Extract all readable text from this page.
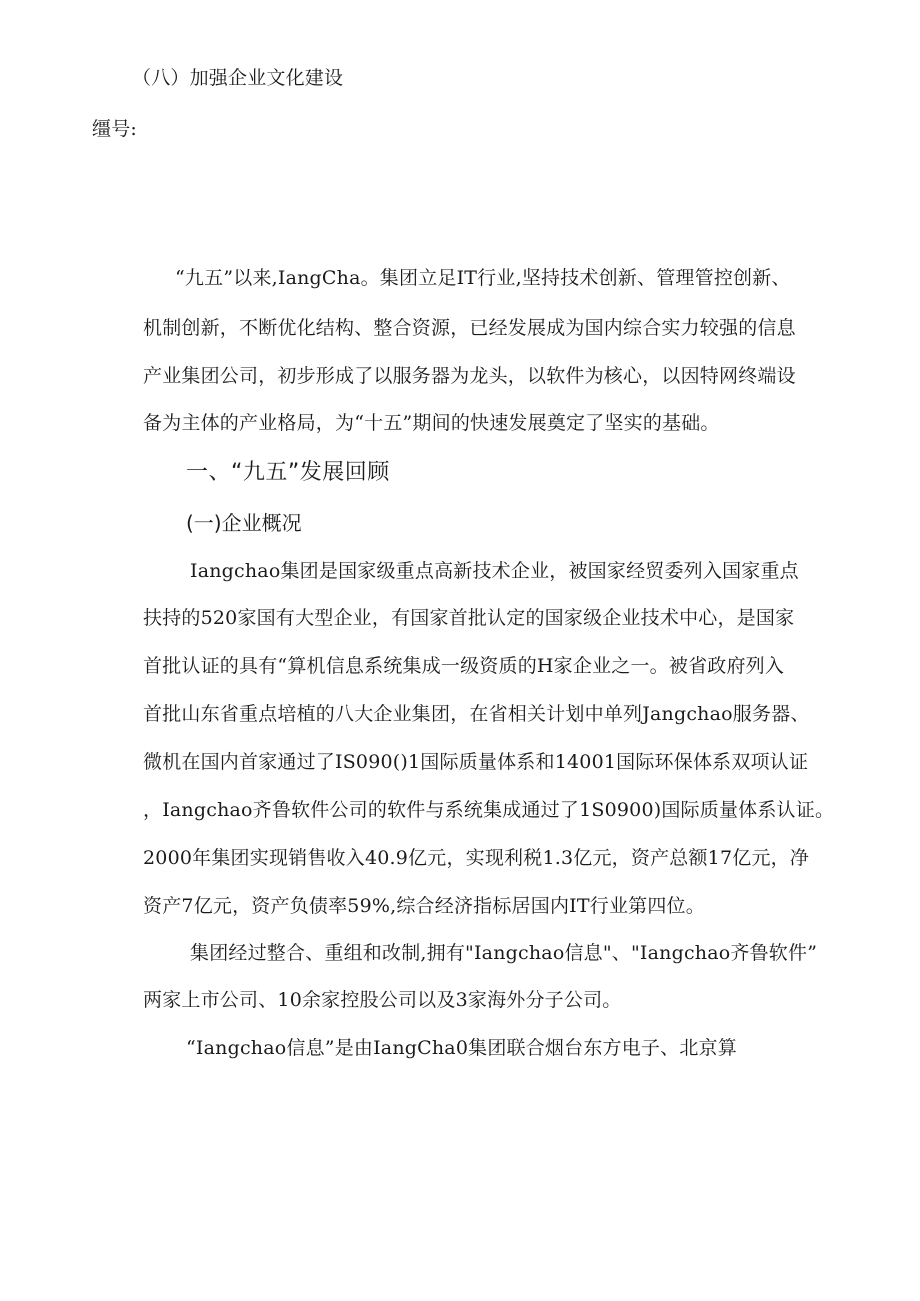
（八）加强企业文化建设
缰号:
“九五”以来,IangCha。集团立足IT行业,坚持技术创新、管理管控创新、
机制创新，不断优化结构、整合资源，已经发展成为国内综合实力较强的信息
产业集团公司，初步形成了以服务器为龙头，以软件为核心，以因特网终端设
备为主体的产业格局，为“十五”期间的快速发展奠定了坚实的基础。
一、“九五”发展回顾
(一)企业概况
Iangchao集团是国家级重点高新技术企业，被国家经贸委列入国家重点
扶持的520家国有大型企业，有国家首批认定的国家级企业技术中心，是国家
首批认证的具有“算机信息系统集成一级资质的H家企业之一。被省政府列入
首批山东省重点培植的八大企业集团，在省相关计划中单列Jangchao服务器、
微机在国内首家通过了IS090()1国际质量体系和14001国际环保体系双项认证
，Iangchao齐鲁软件公司的软件与系统集成通过了1S0900)国际质量体系认证。
2000年集团实现销售收入40.9亿元，实现利税1.3亿元，资产总额17亿元，净
资产7亿元，资产负债率59%,综合经济指标居国内IT行业第四位。
集团经过整合、重组和改制,拥有"Iangchao信息"、"Iangchao齐鲁软件”
两家上市公司、10余家控股公司以及3家海外分子公司。
“Iangchao信息”是由IangCha0集团联合烟台东方电子、北京算
